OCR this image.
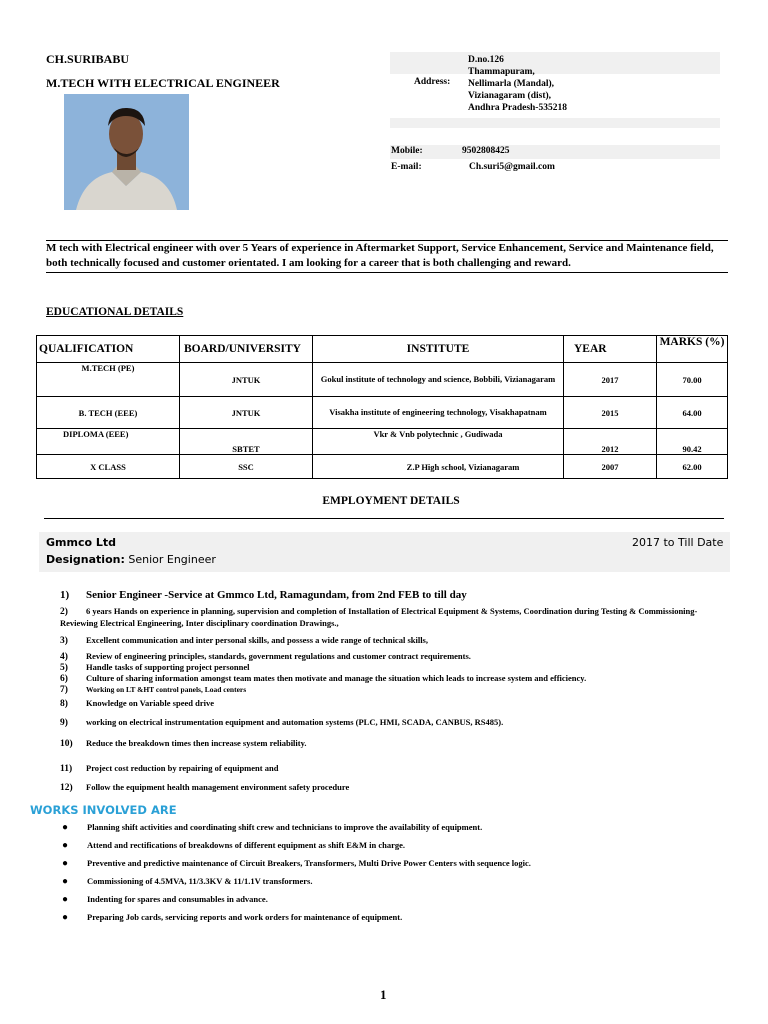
CH.SURIBABU
M.TECH WITH ELECTRICAL ENGINEER	Address:
D.no.126
Thammapuram,
Nellimarla (Mandal),
Vizianagaram (dist),
Andhra Pradesh-535218
Mobile:	9502808425
E-mail:	Ch.suri5@gmail.com
M tech with Electrical engineer with over 5 Years of experience in Aftermarket Support, Service Enhancement, Service and Maintenance field, both technically focused and customer orientated. I am looking for a career that is both challenging and reward.
EDUCATIONAL DETAILS
QUALIFICATION	BOARD/UNIVERSITY	INSTITUTE	YEAR	MARKS (%)
M.TECH (PE)	JNTUK	Gokul institute of technology and science, Bobbili, Vizianagaram	2017	70.00
B. TECH (EEE)	JNTUK	Visakha institute of engineering technology, Visakhapatnam	2015	64.00
DIPLOMA (EEE)	SBTET	Vkr & Vnb polytechnic , Gudiwada	2012	90.42
X CLASS	SSC	Z.P High school, Vizianagaram	2007	62.00
EMPLOYMENT DETAILS
Gmmco Ltd	2017 to Till Date
Designation: Senior Engineer
1) Senior Engineer -Service at Gmmco Ltd, Ramagundam, from 2nd FEB to till day
2) 6 years Hands on experience in planning, supervision and completion of Installation of Electrical Equipment & Systems, Coordination during Testing & Commissioning- Reviewing Electrical Engineering, Inter disciplinary coordination Drawings.,
3) Excellent communication and inter personal skills, and possess a wide range of technical skills,
4) Review of engineering principles, standards, government regulations and customer contract requirements.
5) Handle tasks of supporting project personnel
6) Culture of sharing information amongst team mates then motivate and manage the situation which leads to increase system and efficiency.
7) Working on LT &HT control panels, Load centers
8) Knowledge on Variable speed drive
9) working on electrical instrumentation equipment and automation systems (PLC, HMI, SCADA, CANBUS, RS485).
10) Reduce the breakdown times then increase system reliability.
11) Project cost reduction by repairing of equipment and
12) Follow the equipment health management environment safety procedure
WORKS INVOLVED ARE
● Planning shift activities and coordinating shift crew and technicians to improve the availability of equipment.
● Attend and rectifications of breakdowns of different equipment as shift E&M in charge.
● Preventive and predictive maintenance of Circuit Breakers, Transformers, Multi Drive Power Centers with sequence logic.
● Commissioning of 4.5MVA, 11/3.3KV & 11/1.1V transformers.
● Indenting for spares and consumables in advance.
● Preparing Job cards, servicing reports and work orders for maintenance of equipment.
1
